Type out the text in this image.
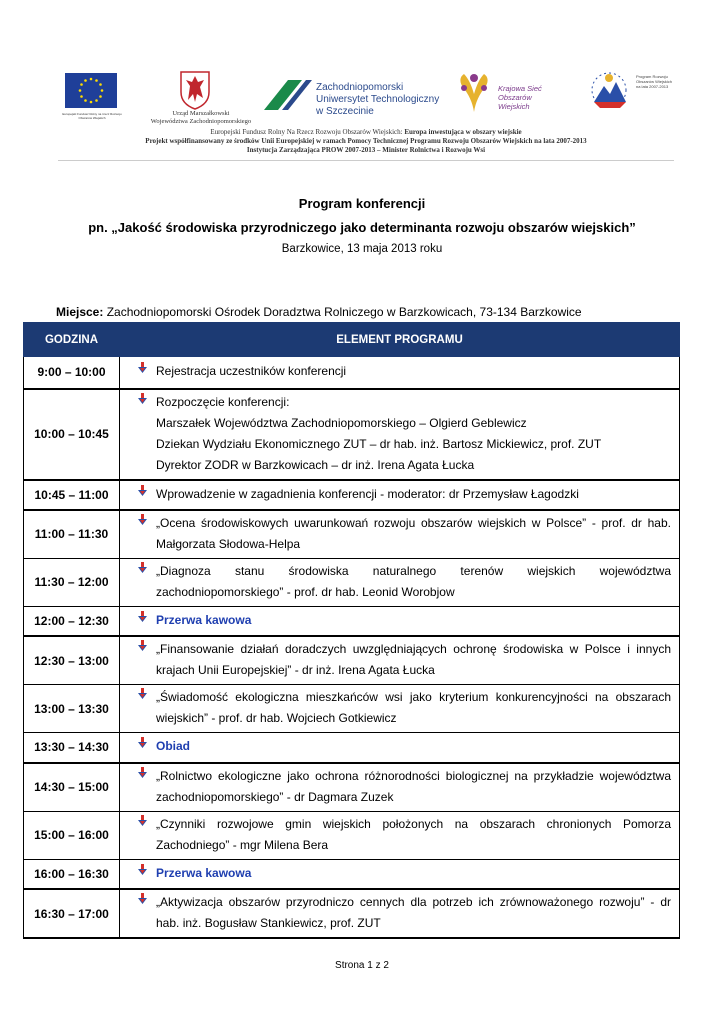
Europejski Fundusz Rolny na rzecz Rozwoju Obszarów Wiejskich
Urząd Marszałkowski
Województwa Zachodniopomorskiego
Zachodniopomorski
Uniwersytet Technologiczny
w Szczecinie
Krajowa Sieć Obszarów Wiejskich
Program Rozwoju Obszarów Wiejskich na lata 2007-2013
Europejski Fundusz Rolny Na Rzecz Rozwoju Obszarów Wiejskich: Europa inwestująca w obszary wiejskie
Projekt współfinansowany ze środków Unii Europejskiej w ramach Pomocy Technicznej Programu Rozwoju Obszarów Wiejskich na lata 2007-2013
Instytucja Zarządzająca PROW 2007-2013 – Minister Rolnictwa i Rozwoju Wsi
Program konferencji
pn. „Jakość środowiska przyrodniczego jako determinanta rozwoju obszarów wiejskich”
Barzkowice, 13 maja 2013 roku
Miejsce: Zachodniopomorski Ośrodek Doradztwa Rolniczego w Barzkowicach, 73-134 Barzkowice
GODZINA	ELEMENT PROGRAMU
9:00 – 10:00	Rejestracja uczestników konferencji

10:00 – 10:45	Rozpoczęcie konferencji:
Marszałek Województwa Zachodniopomorskiego – Olgierd Geblewicz
Dziekan Wydziału Ekonomicznego ZUT – dr hab. inż. Bartosz Mickiewicz, prof. ZUT
Dyrektor ZODR w Barzkowicach – dr inż. Irena Agata Łucka

10:45 – 11:00	Wprowadzenie w zagadnienia konferencji - moderator: dr Przemysław Łagodzki

11:00 – 11:30	„Ocena środowiskowych uwarunkowań rozwoju obszarów wiejskich w Polsce” - prof. dr hab. Małgorzata Słodowa-Helpa

11:30 – 12:00	„Diagnoza stanu środowiska naturalnego terenów wiejskich województwa zachodniopomorskiego” - prof. dr hab. Leonid Worobjow

12:00 – 12:30	Przerwa kawowa

12:30 – 13:00	„Finansowanie działań doradczych uwzględniających ochronę środowiska w Polsce i innych krajach Unii Europejskiej” - dr inż. Irena Agata Łucka

13:00 – 13:30	„Świadomość ekologiczna mieszkańców wsi jako kryterium konkurencyjności na obszarach wiejskich” - prof. dr hab. Wojciech Gotkiewicz

13:30 – 14:30	Obiad

14:30 – 15:00	„Rolnictwo ekologiczne jako ochrona różnorodności biologicznej na przykładzie województwa zachodniopomorskiego” - dr Dagmara Zuzek

15:00 – 16:00	„Czynniki rozwojowe gmin wiejskich położonych na obszarach chronionych Pomorza Zachodniego” - mgr Milena Bera

16:00 – 16:30	Przerwa kawowa

16:30 – 17:00	„Aktywizacja obszarów przyrodniczo cennych dla potrzeb ich zrównoważonego rozwoju” - dr hab. inż. Bogusław Stankiewicz, prof. ZUT
Strona 1 z 2
